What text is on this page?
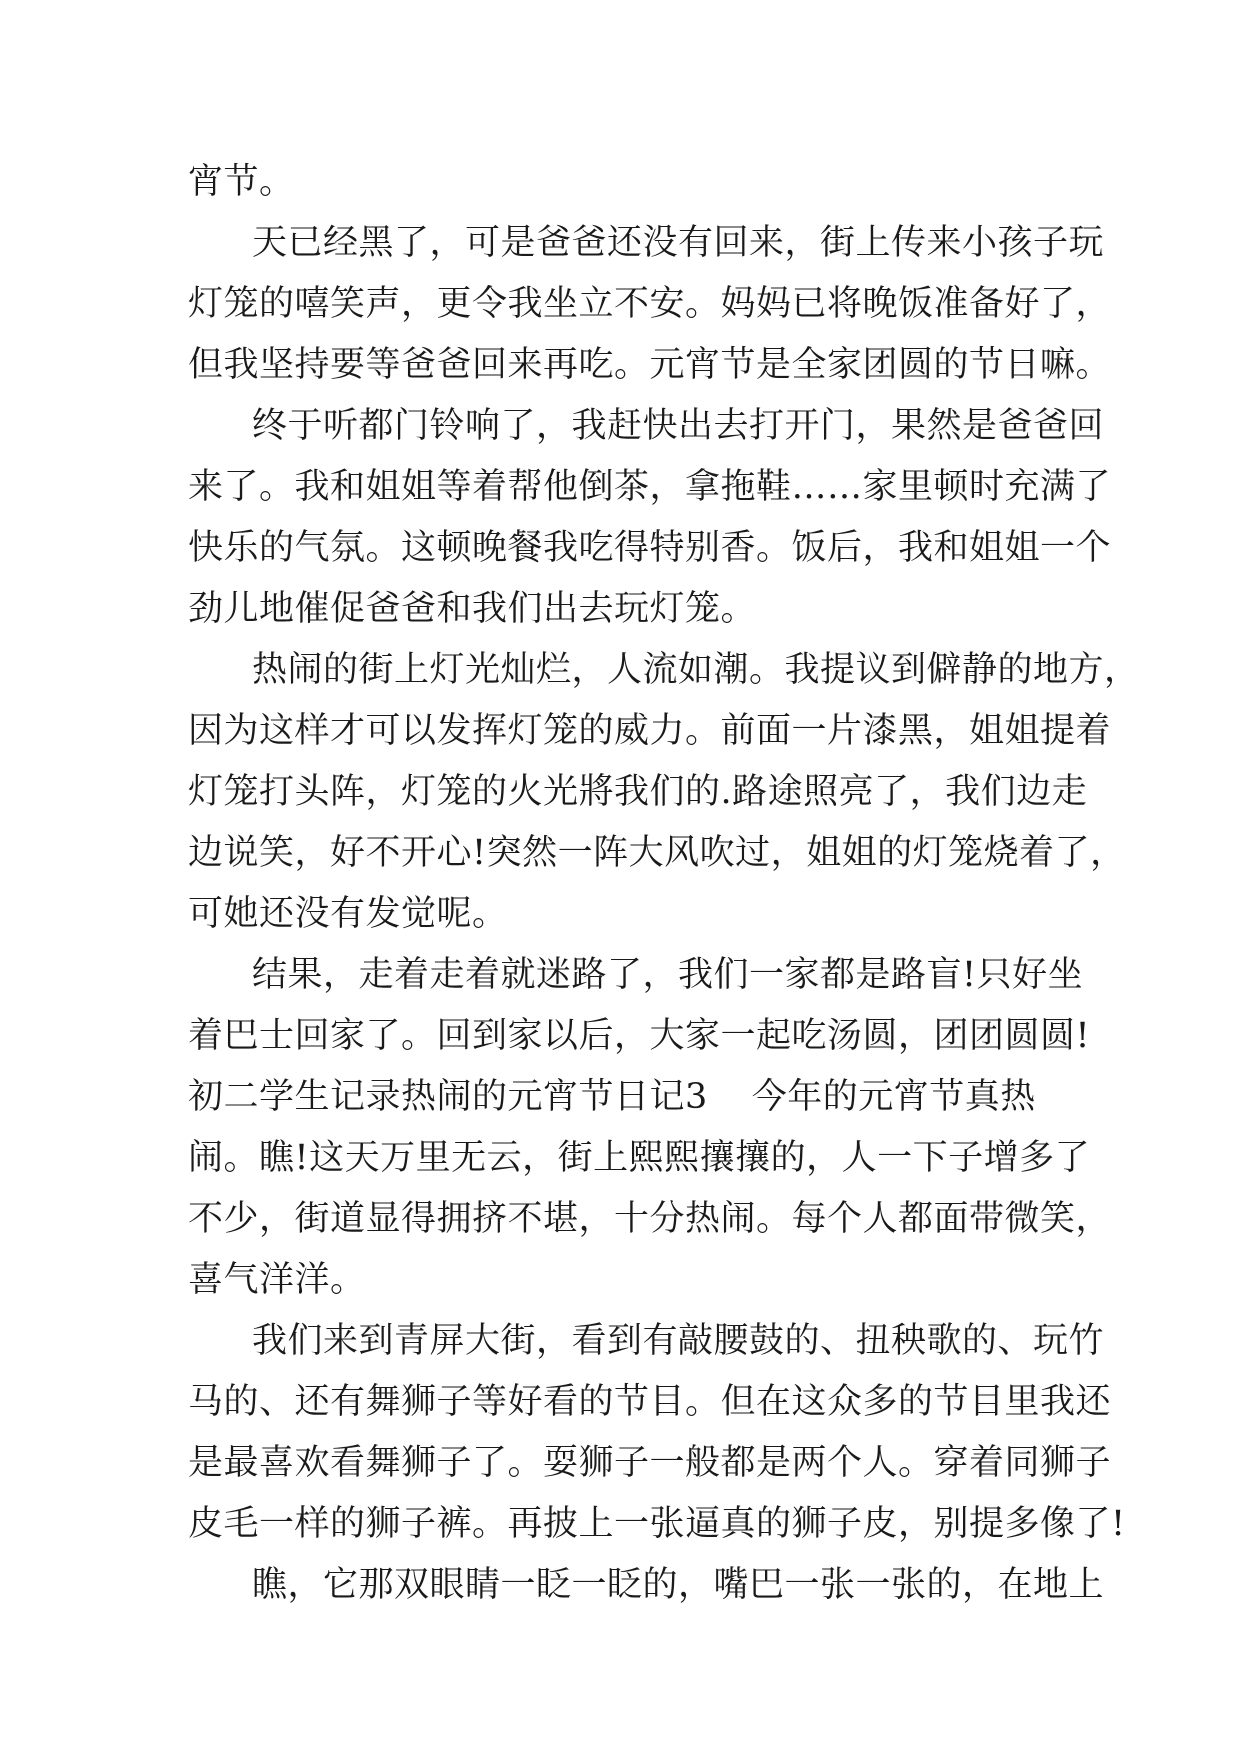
宵节。
天已经黑了，可是爸爸还没有回来，街上传来小孩子玩
灯笼的嘻笑声，更令我坐立不安。妈妈已将晚饭准备好了，
但我坚持要等爸爸回来再吃。元宵节是全家团圆的节日嘛。
终于听都门铃响了，我赶快出去打开门，果然是爸爸回
来了。我和姐姐等着帮他倒茶，拿拖鞋……家里顿时充满了
快乐的气氛。这顿晚餐我吃得特别香。饭后，我和姐姐一个
劲儿地催促爸爸和我们出去玩灯笼。
热闹的街上灯光灿烂，人流如潮。我提议到僻静的地方，
因为这样才可以发挥灯笼的威力。前面一片漆黑，姐姐提着
灯笼打头阵，灯笼的火光將我们的.路途照亮了，我们边走
边说笑，好不开心!突然一阵大风吹过，姐姐的灯笼烧着了，
可她还没有发觉呢。
结果，走着走着就迷路了，我们一家都是路盲!只好坐
着巴士回家了。回到家以后，大家一起吃汤圆，团团圆圆!
初二学生记录热闹的元宵节日记3 今年的元宵节真热
闹。瞧!这天万里无云，街上熙熙攘攘的，人一下子增多了
不少，街道显得拥挤不堪，十分热闹。每个人都面带微笑，
喜气洋洋。
我们来到青屏大街，看到有敲腰鼓的、扭秧歌的、玩竹
马的、还有舞狮子等好看的节目。但在这众多的节目里我还
是最喜欢看舞狮子了。耍狮子一般都是两个人。穿着同狮子
皮毛一样的狮子裤。再披上一张逼真的狮子皮，别提多像了!
瞧，它那双眼睛一眨一眨的，嘴巴一张一张的，在地上
